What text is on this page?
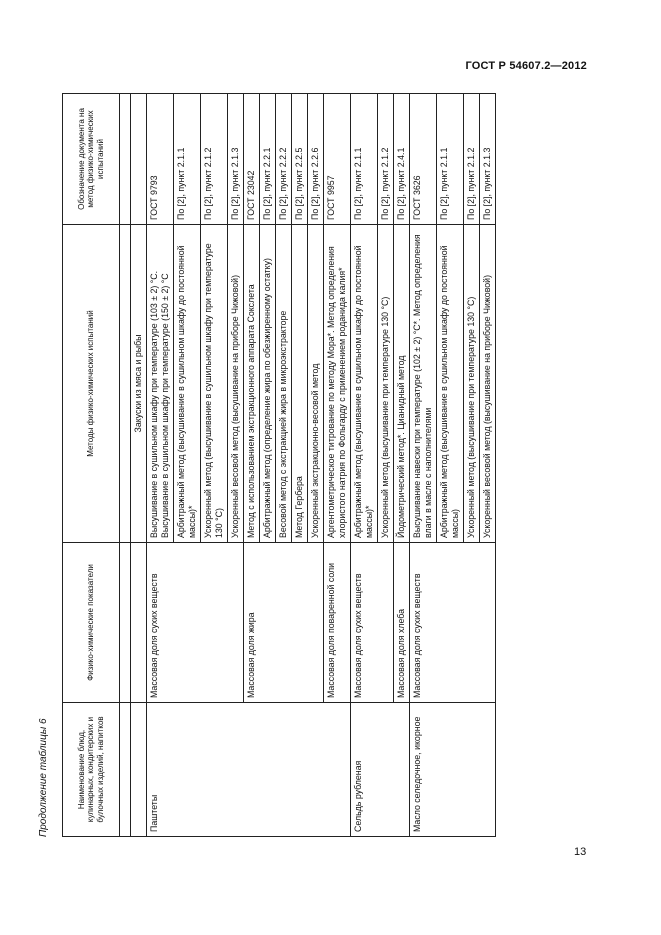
ГОСТ Р 54607.2—2012
Продолжение таблицы 6	Наименование блюд, кулинарных, кондитерских и булочных изделий, напитков	Физико-химические показатели	Методы физико-химических испытаний	Обозначение документа на метод физико-химических испытаний

		Закуски из мяса и рыбы	
Паштеты	Массовая доля сухих веществ	Высушивание в сушильном шкафу при температуре (103 ± 2) °С. Высушивание в сушильном шкафу при температуре (150 ± 2) °С	ГОСТ 9793
		Арбитражный метод (высушивание в сушильном шкафу до постоянной массы)*	По [2], пункт 2.1.1
		Ускоренный метод (высушивание в сушильном шкафу при температуре 130 °С)	По [2], пункт 2.1.2
		Ускоренный весовой метод (высушивание на приборе Чижовой)	По [2], пункт 2.1.3
	Массовая доля жира	Метод с использованием экстракционного аппарата Сокслета	ГОСТ 23042
		Арбитражный метод (определение жира по обезжиренному остатку)	По [2], пункт 2.2.1
		Весовой метод с экстракцией жира в микроэкстракторе	По [2], пункт 2.2.2
		Метод Гербера	По [2], пункт 2.2.5
		Ускоренный экстракционно-весовой метод	По [2], пункт 2.2.6
	Массовая доля поваренной соли	Аргентометрическое титрование по методу Мора*. Метод определения хлористого натрия по Фольгарду с применением роданида калия*	ГОСТ 9957
Сельдь рубленая	Массовая доля сухих веществ	Арбитражный метод (высушивание в сушильном шкафу до постоянной массы)*	По [2], пункт 2.1.1
		Ускоренный метод (высушивание при температуре 130 °С)	По [2], пункт 2.1.2
	Массовая доля хлеба	Йодометрический метод*. Цианидный метод	По [2], пункт 2.4.1
Масло селедочное, икорное	Массовая доля сухих веществ	Высушивание навески при температуре (102 ± 2) °С*. Метод определения влаги в масле с наполнителями	ГОСТ 3626
		Арбитражный метод (высушивание в сушильном шкафу до постоянной массы)	По [2], пункт 2.1.1
		Ускоренный метод (высушивание при температуре 130 °С)	По [2], пункт 2.1.2
		Ускоренный весовой метод (высушивание на приборе Чижовой)	По [2], пункт 2.1.3
13
